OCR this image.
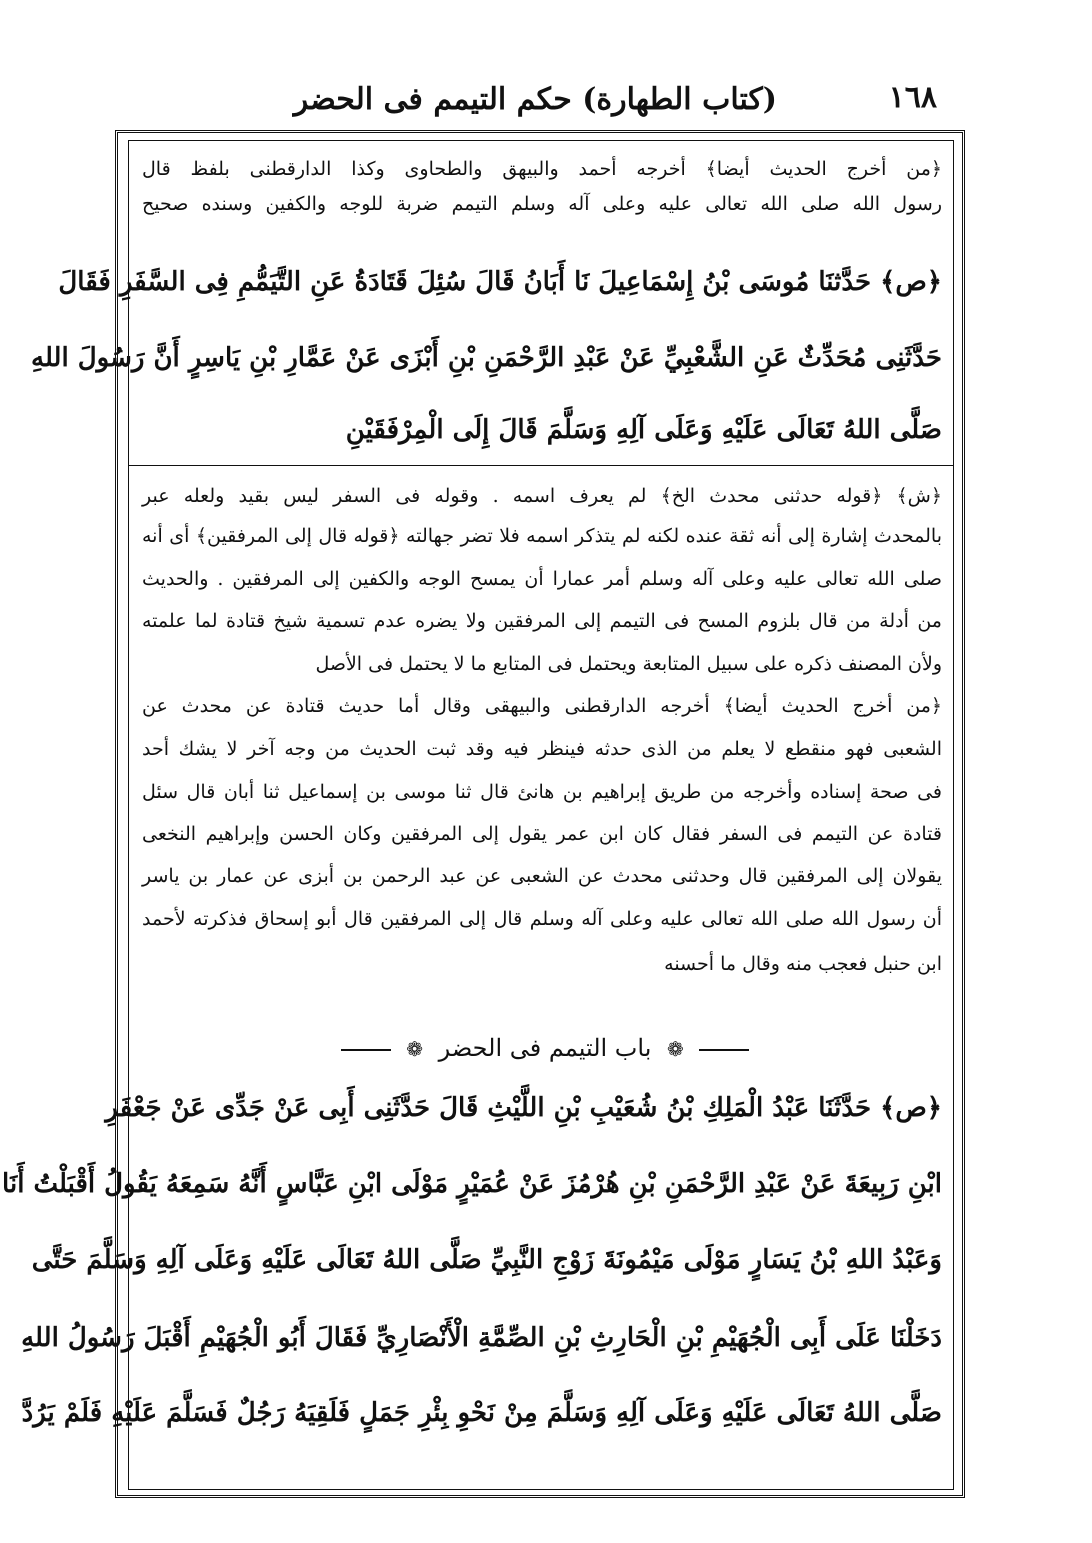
١٦٨
(كتاب الطهارة) حكم التيمم فى الحضر
﴿من أخرج الحديث أيضا﴾ أخرجه أحمد والبيهق والطحاوى وكذا الدارقطنى بلفظ قال
رسول الله صلى الله تعالى عليه وعلى آله وسلم التيمم ضربة للوجه والكفين وسنده صحيح
﴿ص﴾ حَدَّثنَا مُوسَى بْنُ إِسْمَاعِيلَ نَا أَبَانُ قَالَ سُئِلَ قَتَادَةُ عَنِ التَّيَمُّمِ فِى السَّفَرِ فَقَالَ
حَدَّثَنِى مُحَدِّثٌ عَنِ الشَّعْبِيِّ عَنْ عَبْدِ الرَّحْمَنِ بْنِ أَبْزَى عَنْ عَمَّارِ بْنِ يَاسِرٍ أَنَّ رَسُولَ اللهِ
صَلَّى اللهُ تَعَالَى عَلَيْهِ وَعَلَى آلِهِ وَسَلَّمَ قَالَ إِلَى الْمِرْفَقَيْنِ
﴿ش﴾ ﴿قوله حدثنى محدث الخ﴾ لم يعرف اسمه . وقوله فى السفر ليس بقيد ولعله عبر
بالمحدث إشارة إلى أنه ثقة عنده لكنه لم يتذكر اسمه فلا تضر جهالته ﴿قوله قال إلى المرفقين﴾ أى أنه
صلى الله تعالى عليه وعلى آله وسلم أمر عمارا أن يمسح الوجه والكفين إلى المرفقين . والحديث
من أدلة من قال بلزوم المسح فى التيمم إلى المرفقين ولا يضره عدم تسمية شيخ قتادة لما علمته
ولأن المصنف ذكره على سبيل المتابعة ويحتمل فى المتابع ما لا يحتمل فى الأصل
﴿من أخرج الحديث أيضا﴾ أخرجه الدارقطنى والبيهقى وقال أما حديث قتادة عن محدث عن
الشعبى فهو منقطع لا يعلم من الذى حدثه فينظر فيه وقد ثبت الحديث من وجه آخر لا يشك أحد
فى صحة إسناده وأخرجه من طريق إبراهيم بن هانئ قال ثنا موسى بن إسماعيل ثنا أبان قال سئل
قتادة عن التيمم فى السفر فقال كان ابن عمر يقول إلى المرفقين وكان الحسن وإبراهيم النخعى
يقولان إلى المرفقين قال وحدثنى محدث عن الشعبى عن عبد الرحمن بن أبزى عن عمار بن ياسر
أن رسول الله صلى الله تعالى عليه وعلى آله وسلم قال إلى المرفقين قال أبو إسحاق فذكرته لأحمد
ابن حنبل فعجب منه وقال ما أحسنه
❁ باب التيمم فى الحضر ❁
﴿ص﴾ حَدَّثَنَا عَبْدُ الْمَلِكِ بْنُ شُعَيْبِ بْنِ اللَّيْثِ قَالَ حَدَّثَنِى أَبِى عَنْ جَدِّى عَنْ جَعْفَرِ
ابْنِ رَبِيعَةَ عَنْ عَبْدِ الرَّحْمَنِ بْنِ هُرْمُزَ عَنْ عُمَيْرٍ مَوْلَى ابْنِ عَبَّاسٍ أَنَّهُ سَمِعَهُ يَقُولُ أَقْبَلْتُ أَنَا
وَعَبْدُ اللهِ بْنُ يَسَارٍ مَوْلَى مَيْمُونَةَ زَوْجِ النَّبِيِّ صَلَّى اللهُ تَعَالَى عَلَيْهِ وَعَلَى آلِهِ وَسَلَّمَ حَتَّى
دَخَلْنَا عَلَى أَبِى الْجُهَيْمِ بْنِ الْحَارِثِ بْنِ الصِّمَّةِ الْأَنْصَارِيِّ فَقَالَ أَبُو الْجُهَيْمِ أَقْبَلَ رَسُولُ اللهِ
صَلَّى اللهُ تَعَالَى عَلَيْهِ وَعَلَى آلِهِ وَسَلَّمَ مِنْ نَحْوِ بِئْرِ جَمَلٍ فَلَقِيَهُ رَجُلٌ فَسَلَّمَ عَلَيْهِ فَلَمْ يَرُدَّ
